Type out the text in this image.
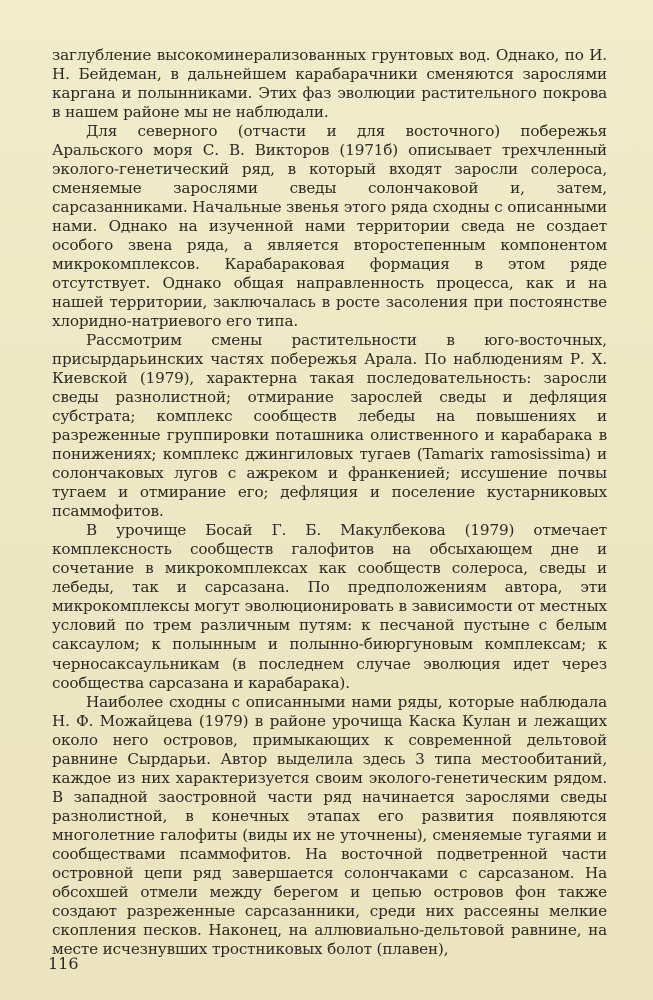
заглубление высокоминерализованных грунтовых вод. Однако, по И. Н. Бейдеман, в дальнейшем карабарачники сменяются зарослями каргана и полынниками. Этих фаз эволюции растительного покрова в нашем районе мы не наблюдали.

Для северного (отчасти и для восточного) побережья Аральского моря С. В. Викторов (1971б) описывает трехчленный эколого-генетический ряд, в который входят заросли солероса, сменяемые зарослями сведы солончаковой и, затем, сарсазанниками. Начальные звенья этого ряда сходны с описанными нами. Однако на изученной нами территории сведа не создает особого звена ряда, а является второстепенным компонентом микрокомплексов. Карабараковая формация в этом ряде отсутствует. Однако общая направленность процесса, как и на нашей территории, заключалась в росте засоления при постоянстве хлоридно-натриевого его типа.

Рассмотрим смены растительности в юго-восточных, присырдарьинских частях побережья Арала. По наблюдениям Р. Х. Киевской (1979), характерна такая последовательность: заросли сведы разнолистной; отмирание зарослей сведы и дефляция субстрата; комплекс сообществ лебеды на повышениях и разреженные группировки поташника олиственного и карабарака в понижениях; комплекс джингиловых тугаев (Tamarix ramosissima) и солончаковых лугов с ажреком и франкенией; иссушение почвы тугаем и отмирание его; дефляция и поселение кустарниковых псаммофитов.

В урочище Босай Г. Б. Макулбекова (1979) отмечает комплексность сообществ галофитов на обсыхающем дне и сочетание в микрокомплексах как сообществ солероса, сведы и лебеды, так и сарсазана. По предположениям автора, эти микрокомплексы могут эволюционировать в зависимости от местных условий по трем различным путям: к песчаной пустыне с белым саксаулом; к полынным и полынно-биюргуновым комплексам; к черносаксаульникам (в последнем случае эволюция идет через сообщества сарсазана и карабарака).

Наиболее сходны с описанными нами ряды, которые наблюдала Н. Ф. Можайцева (1979) в районе урочища Каска Кулан и лежащих около него островов, примыкающих к современной дельтовой равнине Сырдарьи. Автор выделила здесь 3 типа местообитаний, каждое из них характеризуется своим эколого-генетическим рядом. В западной заостровной части ряд начинается зарослями сведы разнолистной, в конечных этапах его развития появляются многолетние галофиты (виды их не уточнены), сменяемые тугаями и сообществами псаммофитов. На восточной подветренной части островной цепи ряд завершается солончаками с сарсазаном. На обсохшей отмели между берегом и цепью островов фон также создают разреженные сарсазанники, среди них рассеяны мелкие скопления песков. Наконец, на аллювиально-дельтовой равнине, на месте исчезнувших тростниковых болот (плавен),

116
